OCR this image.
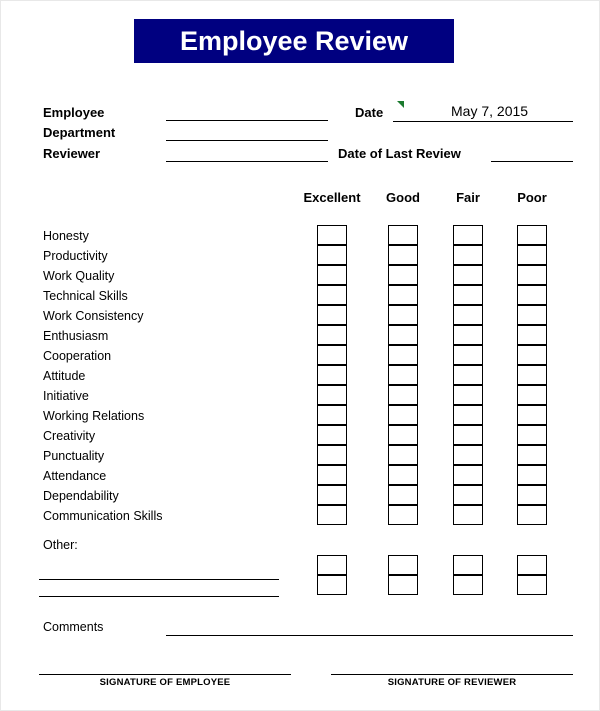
Employee Review
Employee
Department
Reviewer
Date	May 7, 2015
Date of Last Review
Excellent	Good	Fair	Poor
Honesty
Productivity
Work Quality
Technical Skills
Work Consistency
Enthusiasm
Cooperation
Attitude
Initiative
Working Relations
Creativity
Punctuality
Attendance
Dependability
Communication Skills
Other:
Comments
SIGNATURE OF EMPLOYEE	SIGNATURE OF REVIEWER
